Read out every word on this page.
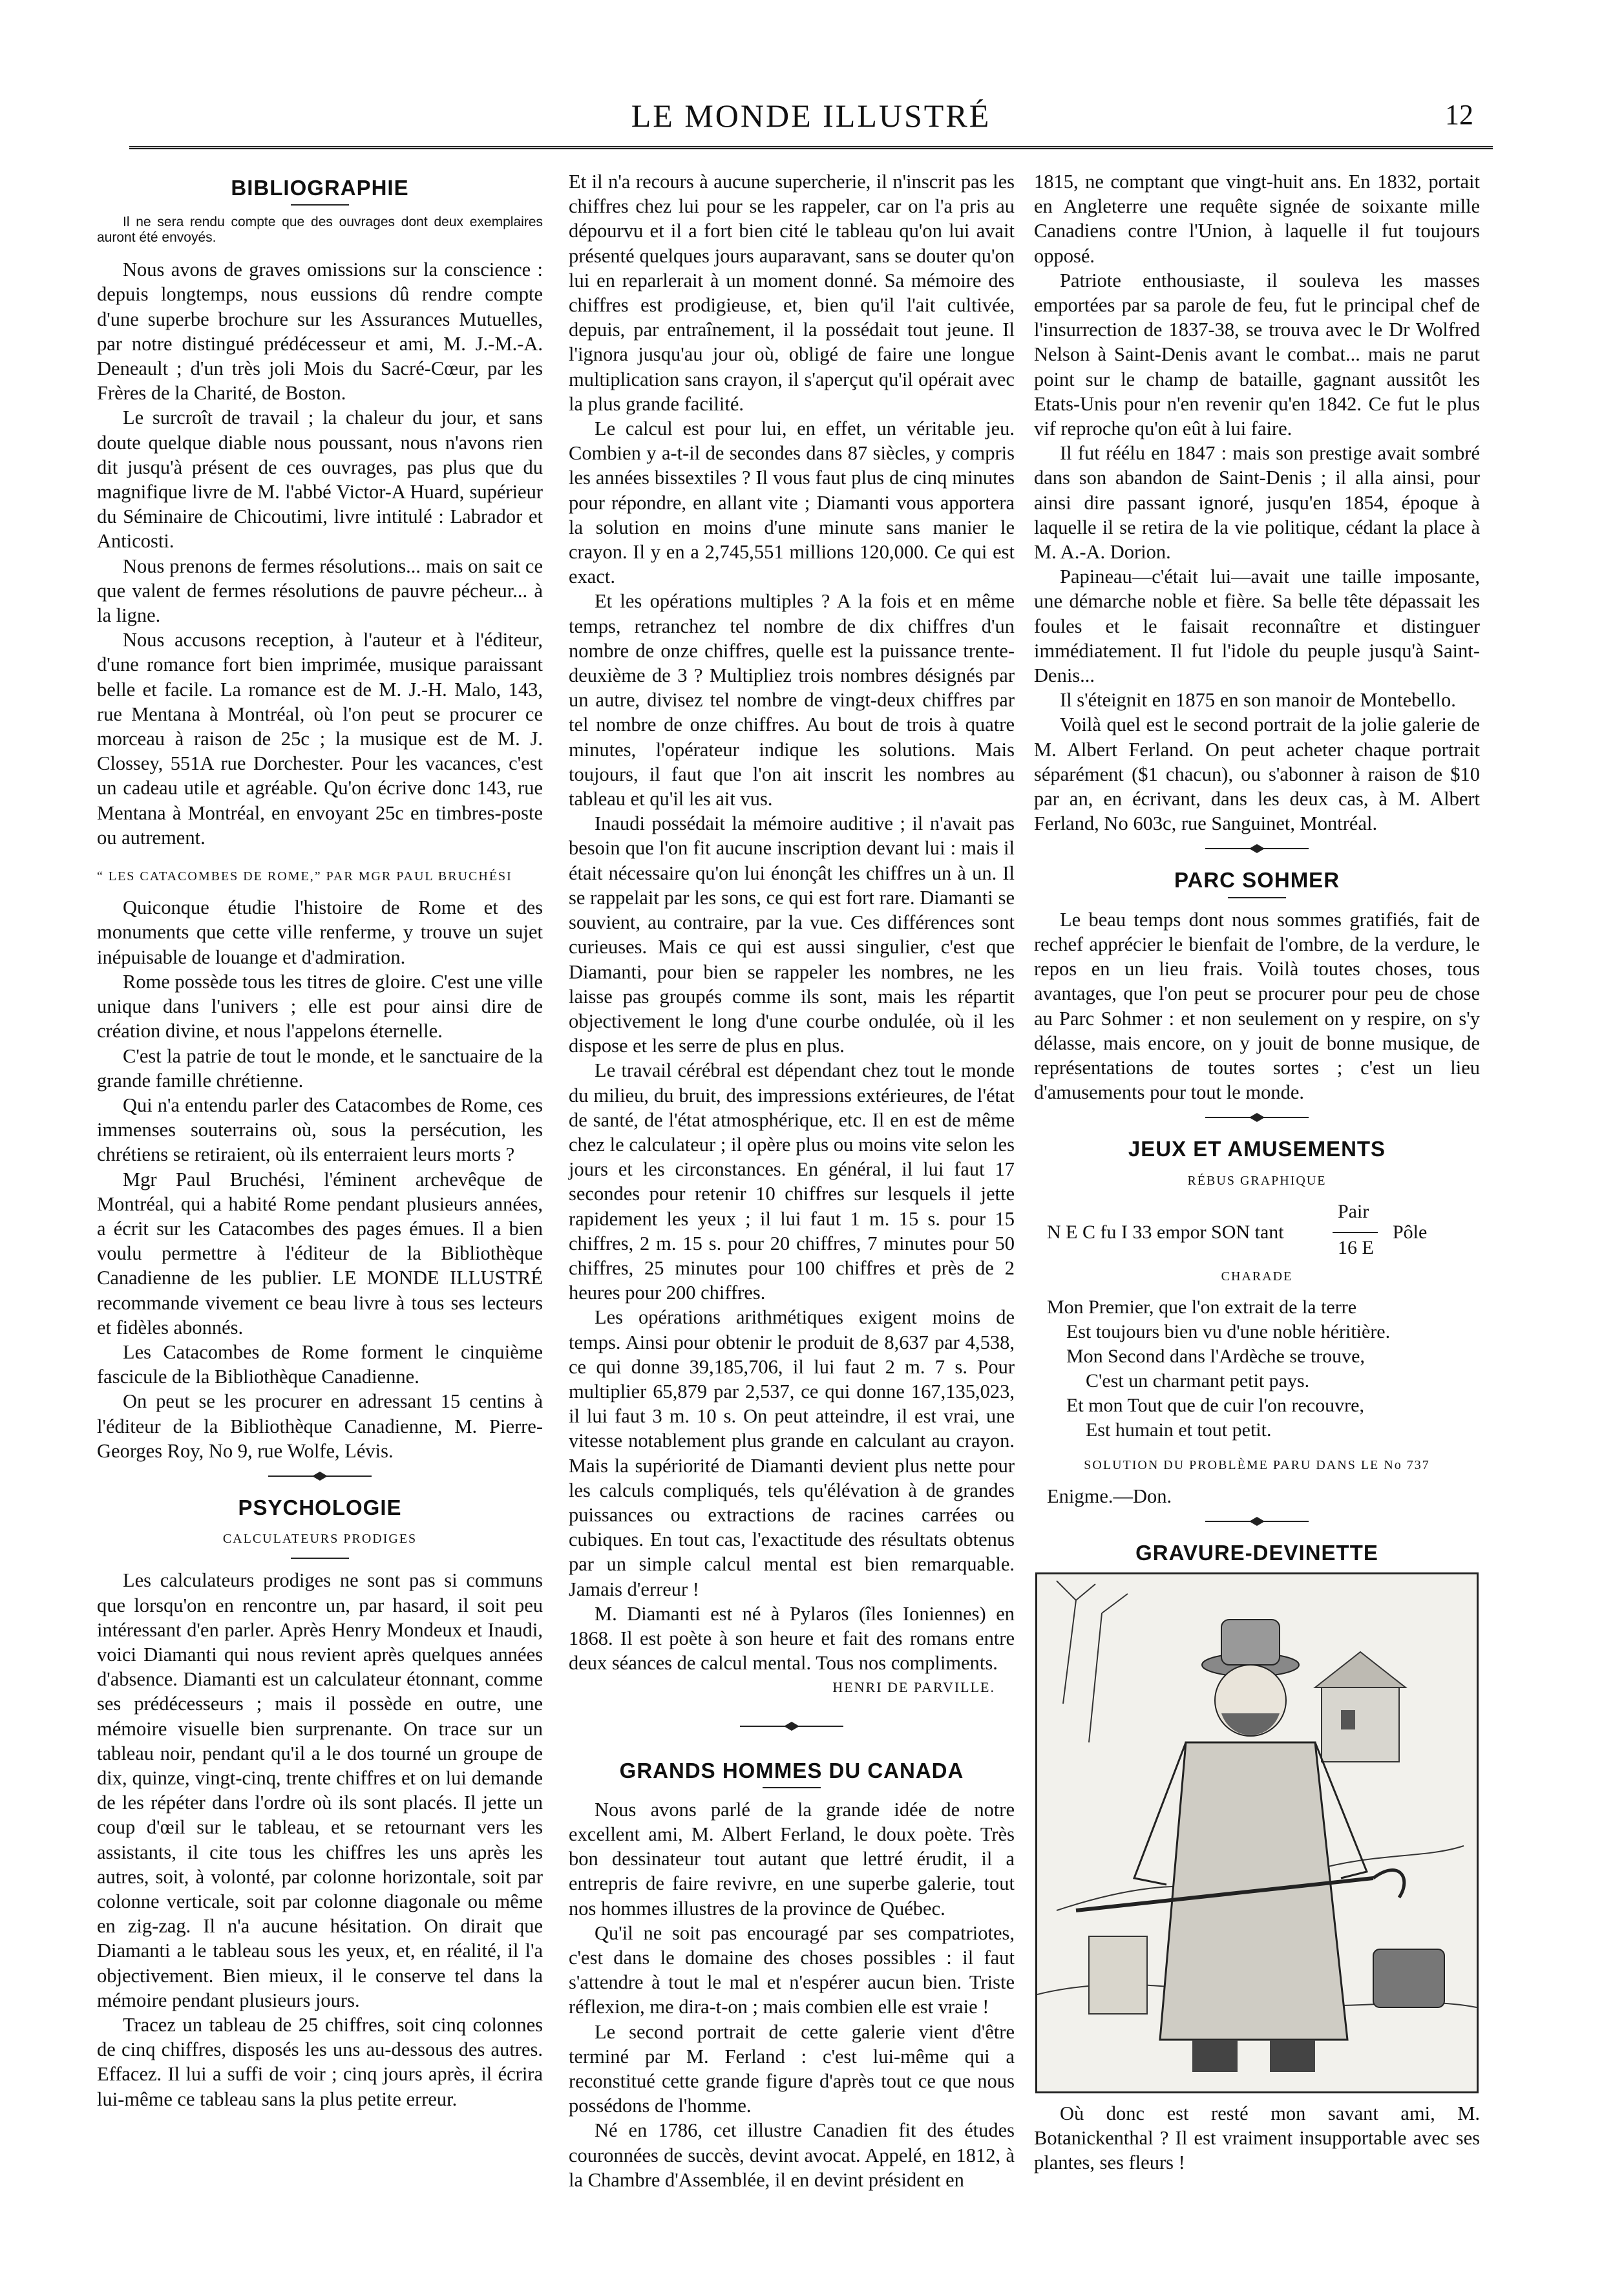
LE MONDE ILLUSTRÉ	12
BIBLIOGRAPHIE
Il ne sera rendu compte que des ouvrages dont deux exemplaires auront été envoyés.

Nous avons de graves omissions sur la conscience : depuis longtemps, nous eussions dû rendre compte d'une superbe brochure sur les Assurances Mutuelles, par notre distingué prédécesseur et ami, M. J.-M.-A. Deneault ; d'un très joli Mois du Sacré-Cœur, par les Frères de la Charité, de Boston.

Le surcroît de travail ; la chaleur du jour, et sans doute quelque diable nous poussant, nous n'avons rien dit jusqu'à présent de ces ouvrages, pas plus que du magnifique livre de M. l'abbé Victor-A Huard, supérieur du Séminaire de Chicoutimi, livre intitulé : Labrador et Anticosti.

Nous prenons de fermes résolutions... mais on sait ce que valent de fermes résolutions de pauvre pécheur... à la ligne.

Nous accusons reception, à l'auteur et à l'éditeur, d'une romance fort bien imprimée, musique paraissant belle et facile. La romance est de M. J.-H. Malo, 143, rue Mentana à Montréal, où l'on peut se procurer ce morceau à raison de 25c ; la musique est de M. J. Clossey, 551A rue Dorchester. Pour les vacances, c'est un cadeau utile et agréable. Qu'on écrive donc 143, rue Mentana à Montréal, en envoyant 25c en timbres-poste ou autrement.

“ LES CATACOMBES DE ROME,” PAR MGR PAUL BRUCHÉSI

Quiconque étudie l'histoire de Rome et des monuments que cette ville renferme, y trouve un sujet inépuisable de louange et d'admiration.

Rome possède tous les titres de gloire. C'est une ville unique dans l'univers ; elle est pour ainsi dire de création divine, et nous l'appelons éternelle.

C'est la patrie de tout le monde, et le sanctuaire de la grande famille chrétienne.

Qui n'a entendu parler des Catacombes de Rome, ces immenses souterrains où, sous la persécution, les chrétiens se retiraient, où ils enterraient leurs morts ?

Mgr Paul Bruchési, l'éminent archevêque de Montréal, qui a habité Rome pendant plusieurs années, a écrit sur les Catacombes des pages émues. Il a bien voulu permettre à l'éditeur de la Bibliothèque Canadienne de les publier. LE MONDE ILLUSTRÉ recommande vivement ce beau livre à tous ses lecteurs et fidèles abonnés.

Les Catacombes de Rome forment le cinquième fascicule de la Bibliothèque Canadienne.

On peut se les procurer en adressant 15 centins à l'éditeur de la Bibliothèque Canadienne, M. Pierre-Georges Roy, No 9, rue Wolfe, Lévis.

PSYCHOLOGIE
CALCULATEURS PRODIGES

Les calculateurs prodiges ne sont pas si communs que lorsqu'on en rencontre un, par hasard, il soit peu intéressant d'en parler. Après Henry Mondeux et Inaudi, voici Diamanti qui nous revient après quelques années d'absence. Diamanti est un calculateur étonnant, comme ses prédécesseurs ; mais il possède en outre, une mémoire visuelle bien surprenante. On trace sur un tableau noir, pendant qu'il a le dos tourné un groupe de dix, quinze, vingt-cinq, trente chiffres et on lui demande de les répéter dans l'ordre où ils sont placés. Il jette un coup d'œil sur le tableau, et se retournant vers les assistants, il cite tous les chiffres les uns après les autres, soit, à volonté, par colonne horizontale, soit par colonne verticale, soit par colonne diagonale ou même en zig-zag. Il n'a aucune hésitation. On dirait que Diamanti a le tableau sous les yeux, et, en réalité, il l'a objectivement. Bien mieux, il le conserve tel dans la mémoire pendant plusieurs jours.

Tracez un tableau de 25 chiffres, soit cinq colonnes de cinq chiffres, disposés les uns au-dessous des autres. Effacez. Il lui a suffi de voir ; cinq jours après, il écrira lui-même ce tableau sans la plus petite erreur.

Et il n'a recours à aucune supercherie, il n'inscrit pas les chiffres chez lui pour se les rappeler, car on l'a pris au dépourvu et il a fort bien cité le tableau qu'on lui avait présenté quelques jours auparavant, sans se douter qu'on lui en reparlerait à un moment donné. Sa mémoire des chiffres est prodigieuse, et, bien qu'il l'ait cultivée, depuis, par entraînement, il la possédait tout jeune. Il l'ignora jusqu'au jour où, obligé de faire une longue multiplication sans crayon, il s'aperçut qu'il opérait avec la plus grande facilité.

Le calcul est pour lui, en effet, un véritable jeu. Combien y a-t-il de secondes dans 87 siècles, y compris les années bissextiles ? Il vous faut plus de cinq minutes pour répondre, en allant vite ; Diamanti vous apportera la solution en moins d'une minute sans manier le crayon. Il y en a 2,745,551 millions 120,000. Ce qui est exact.

Et les opérations multiples ? A la fois et en même temps, retranchez tel nombre de dix chiffres d'un nombre de onze chiffres, quelle est la puissance trente-deuxième de 3 ? Multipliez trois nombres désignés par un autre, divisez tel nombre de vingt-deux chiffres par tel nombre de onze chiffres. Au bout de trois à quatre minutes, l'opérateur indique les solutions. Mais toujours, il faut que l'on ait inscrit les nombres au tableau et qu'il les ait vus.

Inaudi possédait la mémoire auditive ; il n'avait pas besoin que l'on fit aucune inscription devant lui : mais il était nécessaire qu'on lui énonçât les chiffres un à un. Il se rappelait par les sons, ce qui est fort rare. Diamanti se souvient, au contraire, par la vue. Ces différences sont curieuses. Mais ce qui est aussi singulier, c'est que Diamanti, pour bien se rappeler les nombres, ne les laisse pas groupés comme ils sont, mais les répartit objectivement le long d'une courbe ondulée, où il les dispose et les serre de plus en plus.

Le travail cérébral est dépendant chez tout le monde du milieu, du bruit, des impressions extérieures, de l'état de santé, de l'état atmosphérique, etc. Il en est de même chez le calculateur ; il opère plus ou moins vite selon les jours et les circonstances. En général, il lui faut 17 secondes pour retenir 10 chiffres sur lesquels il jette rapidement les yeux ; il lui faut 1 m. 15 s. pour 15 chiffres, 2 m. 15 s. pour 20 chiffres, 7 minutes pour 50 chiffres, 25 minutes pour 100 chiffres et près de 2 heures pour 200 chiffres.

Les opérations arithmétiques exigent moins de temps. Ainsi pour obtenir le produit de 8,637 par 4,538, ce qui donne 39,185,706, il lui faut 2 m. 7 s. Pour multiplier 65,879 par 2,537, ce qui donne 167,135,023, il lui faut 3 m. 10 s. On peut atteindre, il est vrai, une vitesse notablement plus grande en calculant au crayon. Mais la supériorité de Diamanti devient plus nette pour les calculs compliqués, tels qu'élévation à de grandes puissances ou extractions de racines carrées ou cubiques. En tout cas, l'exactitude des résultats obtenus par un simple calcul mental est bien remarquable. Jamais d'erreur !

M. Diamanti est né à Pylaros (îles Ioniennes) en 1868. Il est poète à son heure et fait des romans entre deux séances de calcul mental. Tous nos compliments.

HENRI DE PARVILLE.
GRANDS HOMMES DU CANADA

Nous avons parlé de la grande idée de notre excellent ami, M. Albert Ferland, le doux poète. Très bon dessinateur tout autant que lettré érudit, il a entrepris de faire revivre, en une superbe galerie, tout nos hommes illustres de la province de Québec.

Qu'il ne soit pas encouragé par ses compatriotes, c'est dans le domaine des choses possibles : il faut s'attendre à tout le mal et n'espérer aucun bien. Triste réflexion, me dira-t-on ; mais combien elle est vraie !

Le second portrait de cette galerie vient d'être terminé par M. Ferland : c'est lui-même qui a reconstitué cette grande figure d'après tout ce que nous possédons de l'homme.

Né en 1786, cet illustre Canadien fit des études couronnées de succès, devint avocat. Appelé, en 1812, à la Chambre d'Assemblée, il en devint président en

1815, ne comptant que vingt-huit ans. En 1832, portait en Angleterre une requête signée de soixante mille Canadiens contre l'Union, à laquelle il fut toujours opposé.

Patriote enthousiaste, il souleva les masses emportées par sa parole de feu, fut le principal chef de l'insurrection de 1837-38, se trouva avec le Dr Wolfred Nelson à Saint-Denis avant le combat... mais ne parut point sur le champ de bataille, gagnant aussitôt les Etats-Unis pour n'en revenir qu'en 1842. Ce fut le plus vif reproche qu'on eût à lui faire.

Il fut réélu en 1847 : mais son prestige avait sombré dans son abandon de Saint-Denis ; il alla ainsi, pour ainsi dire passant ignoré, jusqu'en 1854, époque à laquelle il se retira de la vie politique, cédant la place à M. A.-A. Dorion.

Papineau—c'était lui—avait une taille imposante, une démarche noble et fière. Sa belle tête dépassait les foules et le faisait reconnaître et distinguer immédiatement. Il fut l'idole du peuple jusqu'à Saint-Denis...

Il s'éteignit en 1875 en son manoir de Montebello.

Voilà quel est le second portrait de la jolie galerie de M. Albert Ferland. On peut acheter chaque portrait séparément ($1 chacun), ou s'abonner à raison de $10 par an, en écrivant, dans les deux cas, à M. Albert Ferland, No 603c, rue Sanguinet, Montréal.

PARC SOHMER

Le beau temps dont nous sommes gratifiés, fait de rechef apprécier le bienfait de l'ombre, de la verdure, le repos en un lieu frais. Voilà toutes choses, tous avantages, que l'on peut se procurer pour peu de chose au Parc Sohmer : et non seulement on y respire, on s'y délasse, mais encore, on y jouit de bonne musique, de représentations de toutes sortes ; c'est un lieu d'amusements pour tout le monde.

JEUX ET AMUSEMENTS
RÉBUS GRAPHIQUE
N E C fu I 33 empor SON tant
Pair
16 E
Pôle
CHARADE
Mon Premier, que l'on extrait de la terre
Est toujours bien vu d'une noble héritière.
Mon Second dans l'Ardèche se trouve,
C'est un charmant petit pays.
Et mon Tout que de cuir l'on recouvre,
Est humain et tout petit.
SOLUTION DU PROBLÈME PARU DANS LE No 737
Enigme.—Don.
GRAVURE-DEVINETTE

Où donc est resté mon savant ami, M. Botanickenthal ? Il est vraiment insupportable avec ses plantes, ses fleurs !
